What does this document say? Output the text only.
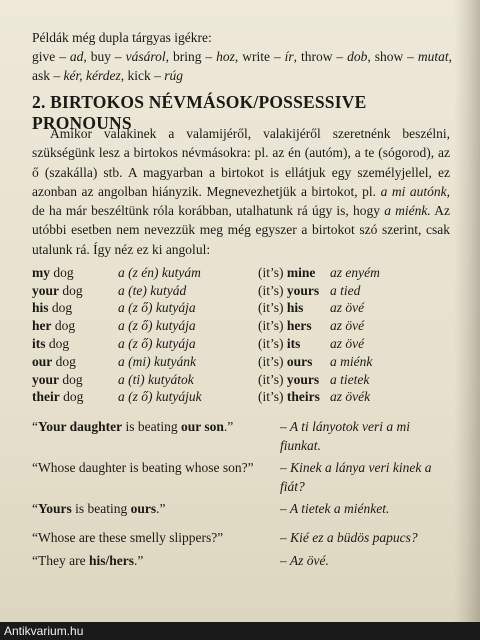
Példák még dupla tárgyas igékre:

give – ad, buy – vásárol, bring – hoz, write – ír, throw – dob, show – mutat, ask – kér, kérdez, kick – rúg

2. BIRTOKOS NÉVMÁSOK/POSSESSIVE PRONOUNS

Amikor valakinek a valamijéről, valakijéről szeretnénk beszélni, szükségünk lesz a birtokos névmásokra: pl. az én (autóm), a te (sógorod), az ő (szakálla) stb. A magyarban a birtokot is ellátjuk egy személyjellel, ez azonban az angolban hiányzik. Megnevezhetjük a birtokot, pl. a mi autónk, de ha már beszéltünk róla korábban, utalhatunk rá úgy is, hogy a miénk. Az utóbbi esetben nem nevezzük meg még egyszer a birtokot szó szerint, csak utalunk rá. Így néz ez ki angolul:

my dog	a (z én) kutyám	(it’s) mine	az enyém
your dog	a (te) kutyád	(it’s) yours	a tied
his dog	a (z ő) kutyája	(it’s) his	az övé
her dog	a (z ő) kutyája	(it’s) hers	az övé
its dog	a (z ő) kutyája	(it’s) its	az övé
our dog	a (mi) kutyánk	(it’s) ours	a miénk
your dog	a (ti) kutyátok	(it’s) yours	a tietek
their dog	a (z ő) kutyájuk	(it’s) theirs	az övék
“Your daughter is beating our son.”	– A ti lányotok veri a mi fiunkat.
“Whose daughter is beating whose son?”	– Kinek a lánya veri kinek a fiát?
“Yours is beating ours.”	– A tietek a miénket.
“Whose are these smelly slippers?”	– Kié ez a büdös papucs?
“They are his/hers.”	– Az övé.
Antikvarium.hu
